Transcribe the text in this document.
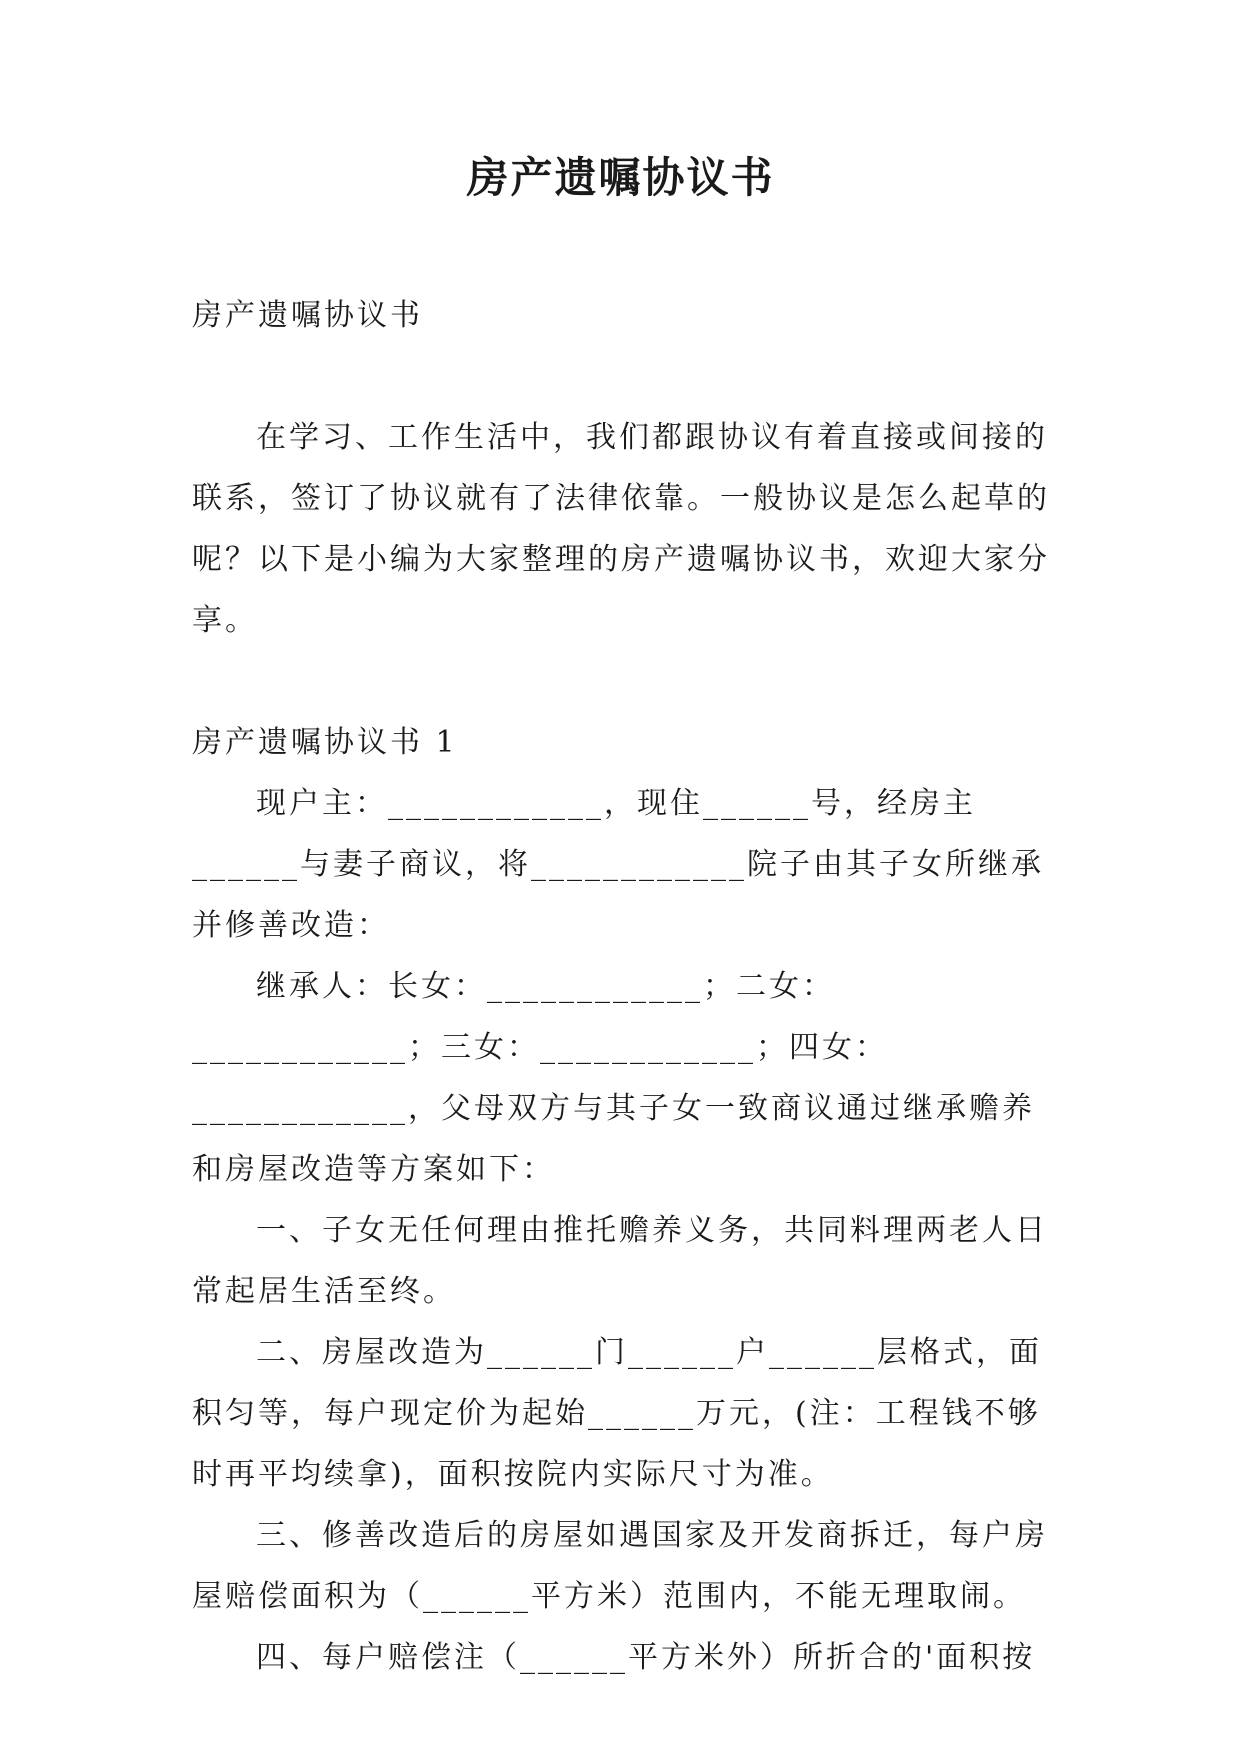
房产遗嘱协议书

房产遗嘱协议书

在学习、工作生活中，我们都跟协议有着直接或间接的联系，签订了协议就有了法律依靠。一般协议是怎么起草的呢？以下是小编为大家整理的房产遗嘱协议书，欢迎大家分享。

房产遗嘱协议书 1

现户主：____________，现住______号，经房主______与妻子商议，将____________院子由其子女所继承并修善改造：

继承人：长女：____________；二女：____________；三女：____________；四女：____________，父母双方与其子女一致商议通过继承赡养和房屋改造等方案如下：

一、子女无任何理由推托赡养义务，共同料理两老人日常起居生活至终。

二、房屋改造为______门______户______层格式，面积匀等，每户现定价为起始______万元，(注：工程钱不够时再平均续拿)，面积按院内实际尺寸为准。

三、修善改造后的房屋如遇国家及开发商拆迁，每户房屋赔偿面积为（______平方米）范围内，不能无理取闹。

四、每户赔偿注（______平方米外）所折合的'面积按
